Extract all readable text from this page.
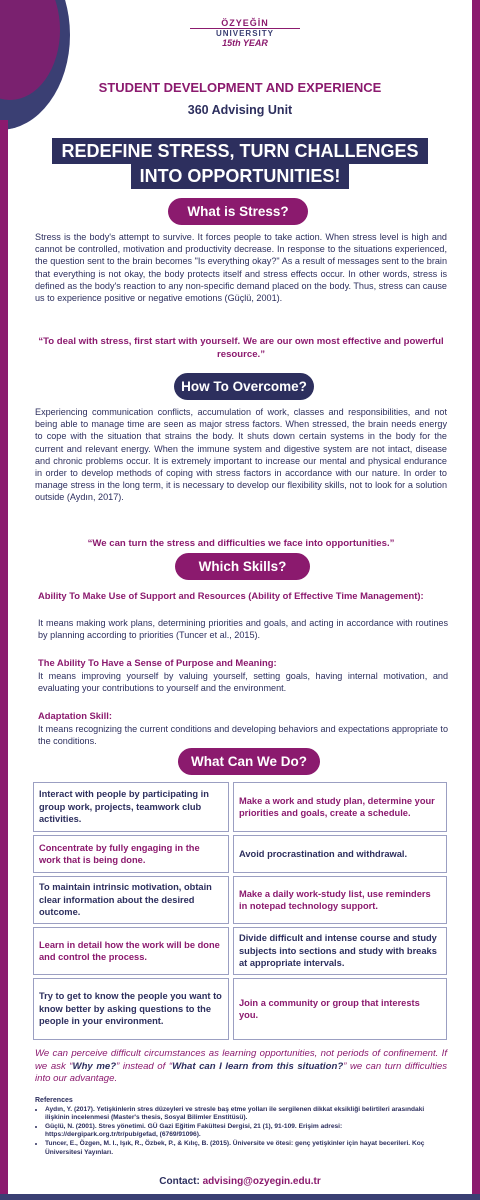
ÖZYEĞİN
UNIVERSITY
15th YEAR
STUDENT DEVELOPMENT AND EXPERIENCE
360 Advising Unit
REDEFINE STRESS, TURN CHALLENGES
INTO OPPORTUNITIES!
What is Stress?
Stress is the body's attempt to survive. It forces people to take action. When stress level is high and cannot be controlled, motivation and productivity decrease. In response to the situations experienced, the question sent to the brain becomes "Is everything okay?" As a result of messages sent to the brain that everything is not okay, the body protects itself and stress effects occur. In other words, stress is defined as the body's reaction to any non-specific demand placed on the body. Thus, stress can cause us to experience positive or negative emotions (Güçlü, 2001).
“To deal with stress, first start with yourself. We are our own most effective and powerful resource.”
How To Overcome?
Experiencing communication conflicts, accumulation of work, classes and responsibilities, and not being able to manage time are seen as major stress factors. When stressed, the brain needs energy to cope with the situation that strains the body. It shuts down certain systems in the body for the current and relevant energy. When the immune system and digestive system are not intact, disease and chronic problems occur. It is extremely important to increase our mental and physical endurance in order to develop methods of coping with stress factors in accordance with our nature. In order to manage stress in the long term, it is necessary to develop our flexibility skills, not to look for a solution outside (Aydın, 2017).
“We can turn the stress and difficulties we face into opportunities.”
Which Skills?
Ability To Make Use of Support and Resources (Ability of Effective Time Management):
It means making work plans, determining priorities and goals, and acting in accordance with routines by planning according to priorities (Tuncer et al., 2015).
The Ability To Have a Sense of Purpose and Meaning:
It means improving yourself by valuing yourself, setting goals, having internal motivation, and evaluating your contributions to yourself and the environment.
Adaptation Skill:
It means recognizing the current conditions and developing behaviors and expectations appropriate to the conditions.
What Can We Do?
Interact with people by participating in group work, projects, teamwork club activities.
Make a work and study plan, determine your priorities and goals, create a schedule.
Concentrate by fully engaging in the work that is being done.
Avoid procrastination and withdrawal.
To maintain intrinsic motivation, obtain clear information about the desired outcome.
Make a daily work-study list, use reminders in notepad technology support.
Learn in detail how the work will be done and control the process.
Divide difficult and intense course and study subjects into sections and study with breaks at appropriate intervals.
Try to get to know the people you want to know better by asking questions to the people in your environment.
Join a community or group that interests you.
We can perceive difficult circumstances as learning opportunities, not periods of confinement. If we ask “Why me?” instead of “What can I learn from this situation?” we can turn difficulties into our advantage.
References
• Aydın, Y. (2017). Yetişkinlerin stres düzeyleri ve stresle baş etme yolları ile sergilenen dikkat eksikliği belirtileri arasındaki ilişkinin incelenmesi (Master's thesis, Sosyal Bilimler Enstitüsü).
• Güçlü, N. (2001). Stres yönetimi. GÜ Gazi Eğitim Fakültesi Dergisi, 21 (1), 91-109. Erişim adresi: https://dergipark.org.tr/tr/pub/gefad, (6769/91096).
• Tuncer, E., Özgen, M. I., Işık, R., Özbek, P., & Kılıç, B. (2015). Üniversite ve ötesi: genç yetişkinler için hayat becerileri. Koç Üniversitesi Yayınları.
Contact: advising@ozyegin.edu.tr
